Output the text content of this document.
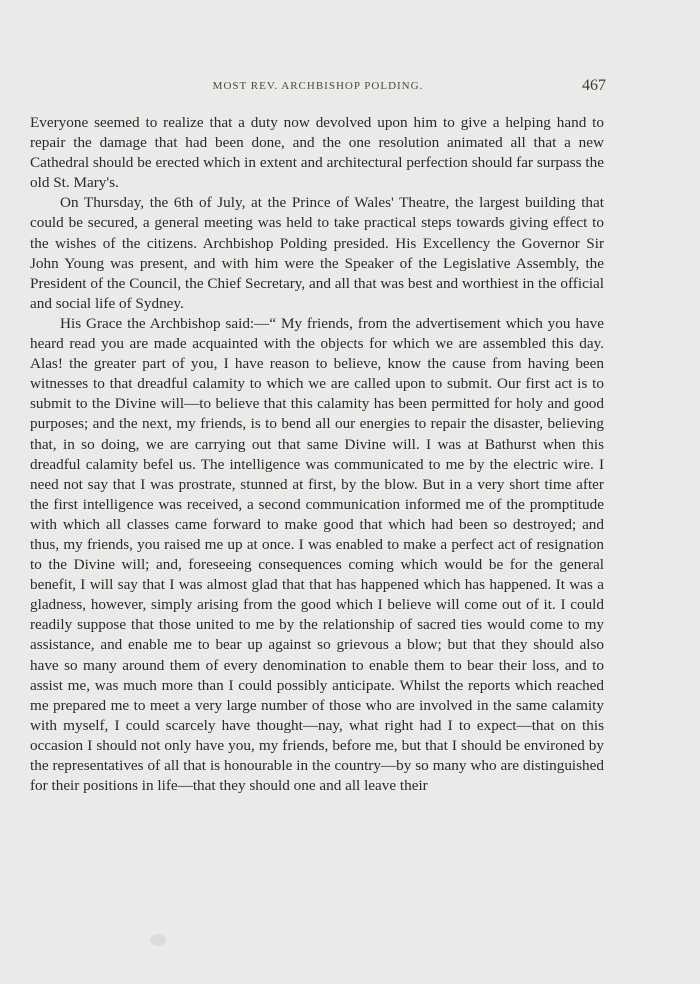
MOST REV. ARCHBISHOP POLDING.	467

Everyone seemed to realize that a duty now devolved upon him to give a helping hand to repair the damage that had been done, and the one resolution animated all that a new Cathedral should be erected which in extent and architectural perfection should far surpass the old St. Mary's.

On Thursday, the 6th of July, at the Prince of Wales' Theatre, the largest building that could be secured, a general meeting was held to take practical steps towards giving effect to the wishes of the citizens. Archbishop Polding presided. His Excellency the Governor Sir John Young was present, and with him were the Speaker of the Legislative Assembly, the President of the Council, the Chief Secretary, and all that was best and worthiest in the official and social life of Sydney.

His Grace the Archbishop said:—“ My friends, from the advertisement which you have heard read you are made acquainted with the objects for which we are assembled this day. Alas! the greater part of you, I have reason to believe, know the cause from having been witnesses to that dreadful calamity to which we are called upon to submit. Our first act is to submit to the Divine will—to believe that this calamity has been permitted for holy and good purposes; and the next, my friends, is to bend all our energies to repair the disaster, believing that, in so doing, we are carrying out that same Divine will. I was at Bathurst when this dreadful calamity befel us. The intelligence was communicated to me by the electric wire. I need not say that I was prostrate, stunned at first, by the blow. But in a very short time after the first intelligence was received, a second communication informed me of the promptitude with which all classes came forward to make good that which had been so destroyed; and thus, my friends, you raised me up at once. I was enabled to make a perfect act of resignation to the Divine will; and, foreseeing consequences coming which would be for the general benefit, I will say that I was almost glad that that has happened which has happened. It was a gladness, however, simply arising from the good which I believe will come out of it. I could readily suppose that those united to me by the relationship of sacred ties would come to my assistance, and enable me to bear up against so grievous a blow; but that they should also have so many around them of every denomination to enable them to bear their loss, and to assist me, was much more than I could possibly anticipate. Whilst the reports which reached me prepared me to meet a very large number of those who are involved in the same calamity with myself, I could scarcely have thought—nay, what right had I to expect—that on this occasion I should not only have you, my friends, before me, but that I should be environed by the representatives of all that is honourable in the country—by so many who are distinguished for their positions in life—that they should one and all leave their
